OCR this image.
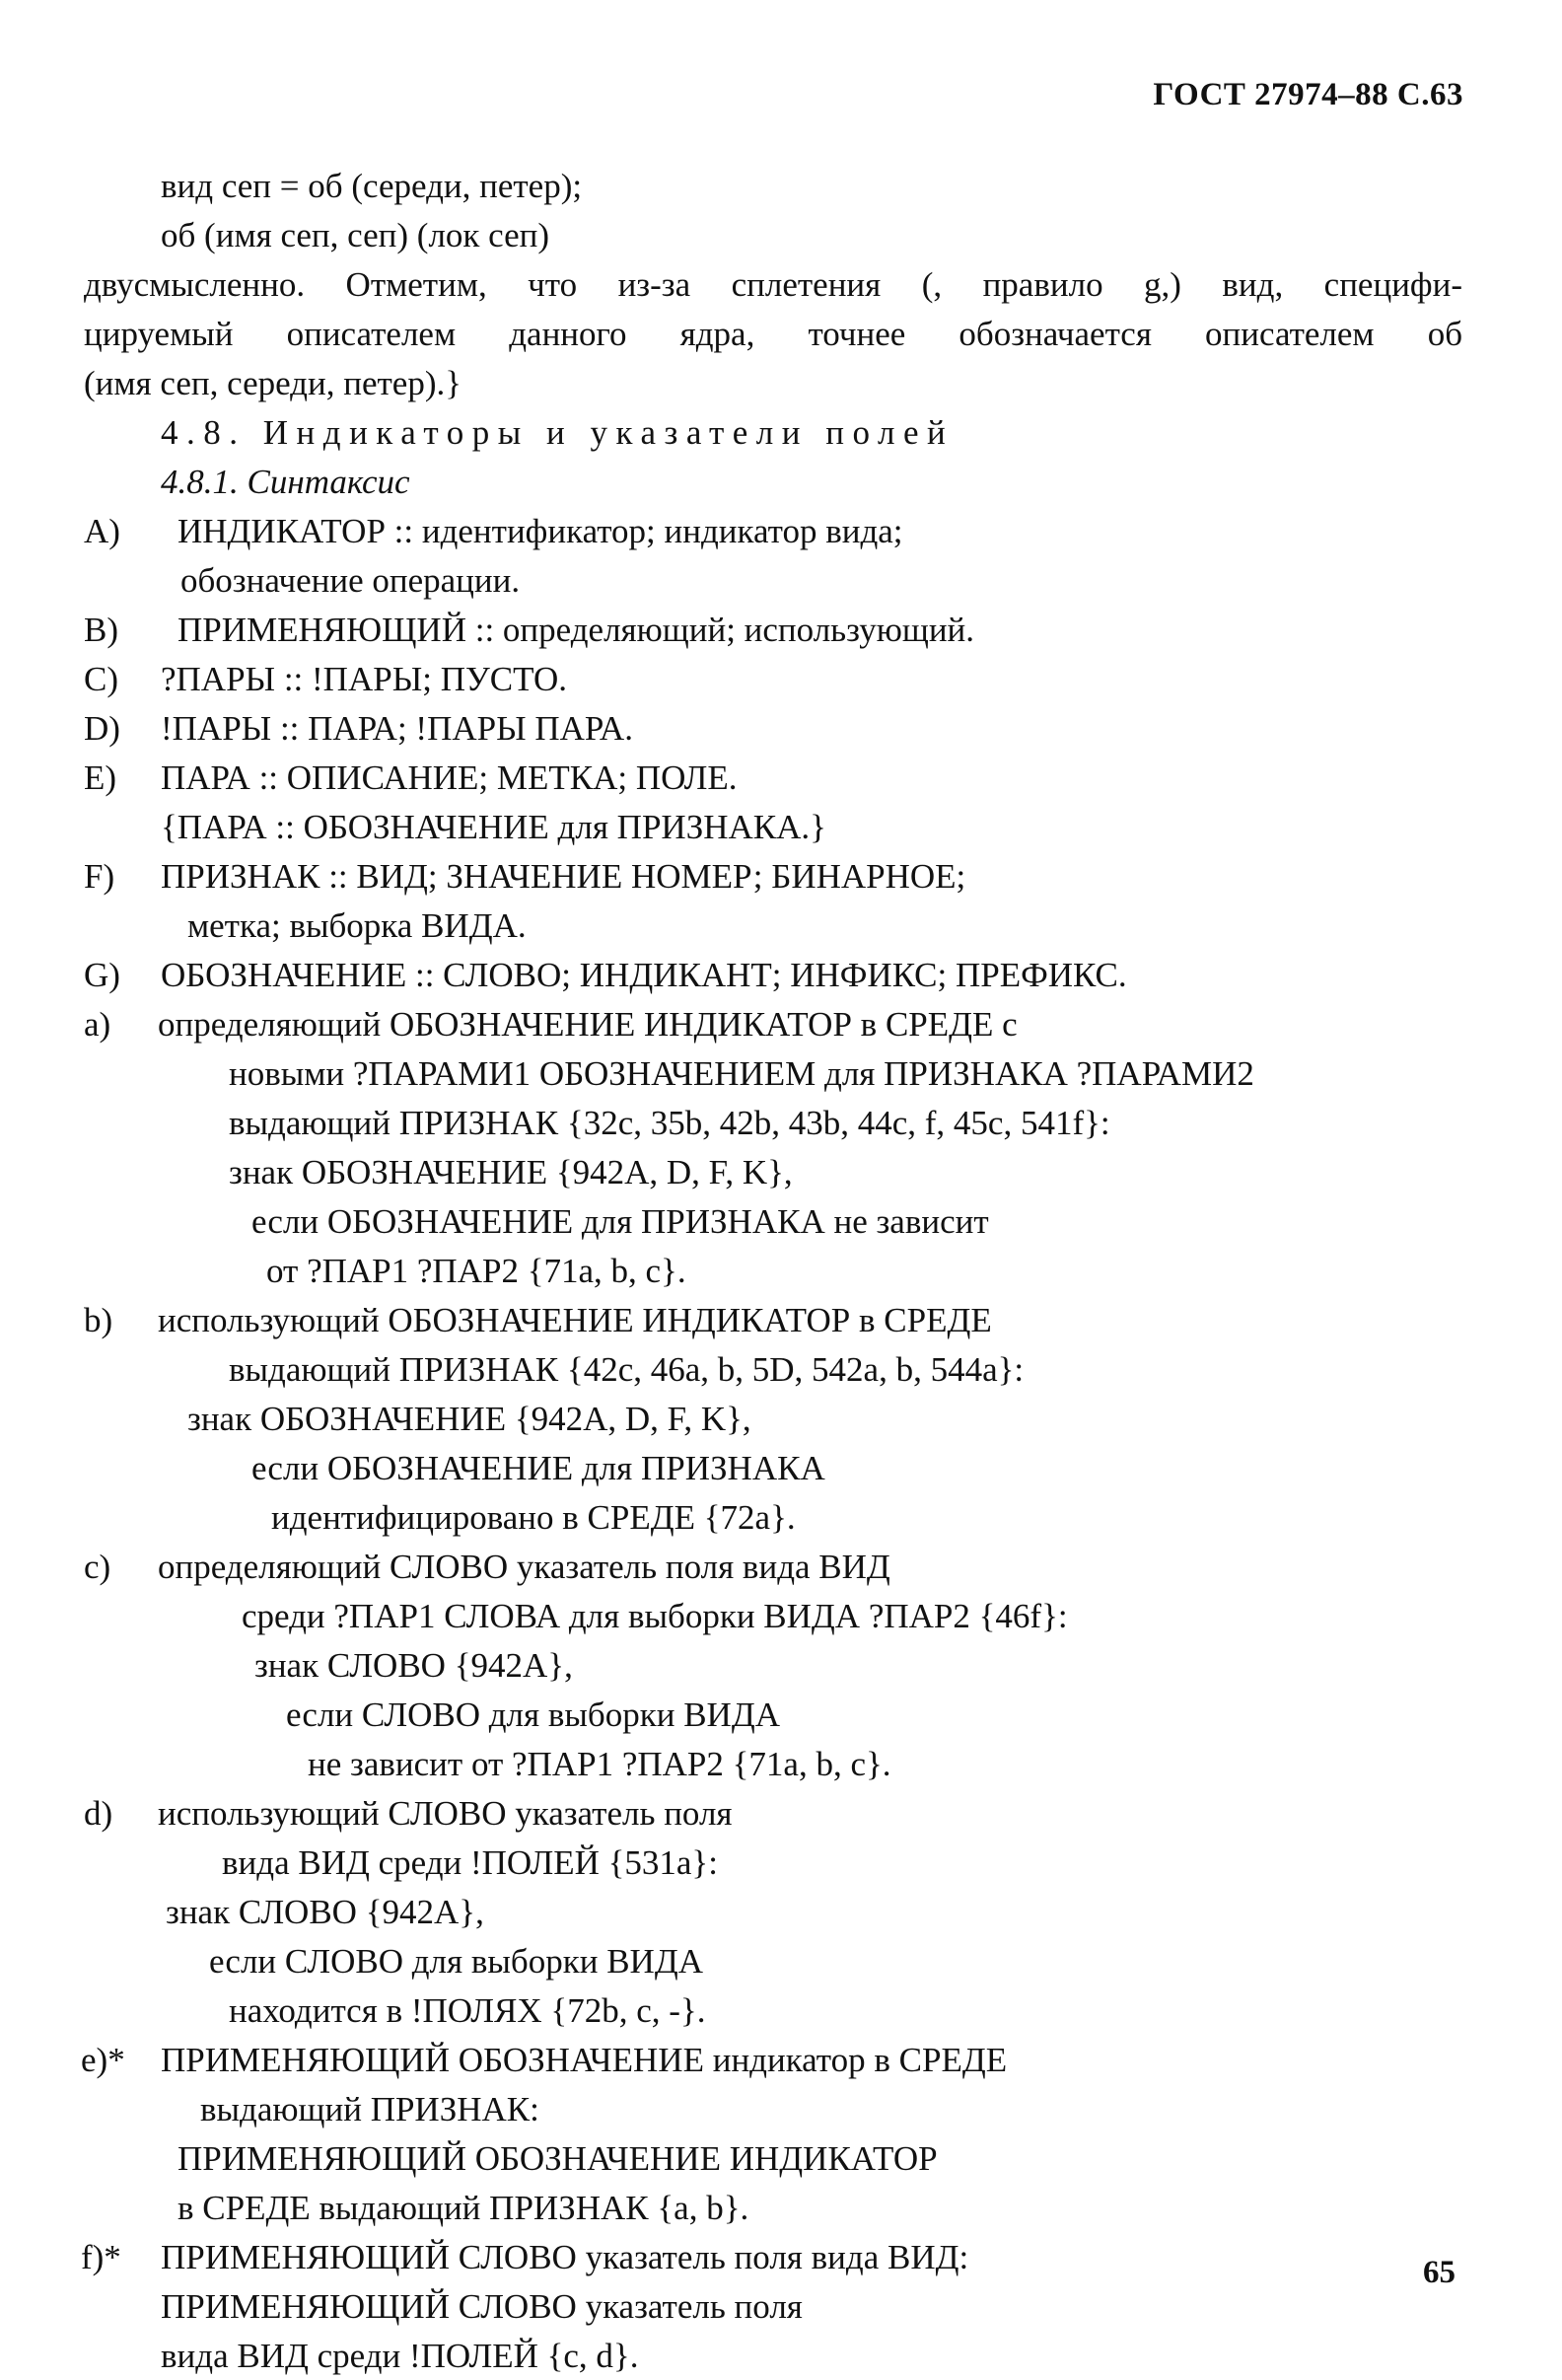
ГОСТ 27974–88 С.63
вид сеп = об (середи, петер);
об (имя сеп, сеп) (лок сеп)
двусмысленно. Отметим, что из-за сплетения (, правило g,) вид, специфи-
цируемый описателем данного ядра, точнее обозначается описателем об
(имя сеп, середи, петер).}
4.8. Индикаторы и указатели полей
4.8.1. Синтаксис
A) ИНДИКАТОР :: идентификатор; индикатор вида;
обозначение операции.
B) ПРИМЕНЯЮЩИЙ :: определяющий; использующий.
C) ?ПАРЫ :: !ПАРЫ; ПУСТО.
D) !ПАРЫ :: ПАРА; !ПАРЫ ПАРА.
E) ПАРА :: ОПИСАНИЕ; МЕТКА; ПОЛЕ.
{ПАРА :: ОБОЗНАЧЕНИЕ для ПРИЗНАКА.}
F) ПРИЗНАК :: ВИД; ЗНАЧЕНИЕ НОМЕР; БИНАРНОЕ;
метка; выборка ВИДА.
G) ОБОЗНАЧЕНИЕ :: СЛОВО; ИНДИКАНТ; ИНФИКС; ПРЕФИКС.
a) определяющий ОБОЗНАЧЕНИЕ ИНДИКАТОР в СРЕДЕ с
новыми ?ПАРАМИ1 ОБОЗНАЧЕНИЕМ для ПРИЗНАКА ?ПАРАМИ2
выдающий ПРИЗНАК {32c, 35b, 42b, 43b, 44c, f, 45c, 541f}:
знак ОБОЗНАЧЕНИЕ {942A, D, F, K},
если ОБОЗНАЧЕНИЕ для ПРИЗНАКА не зависит
от ?ПАР1 ?ПАР2 {71a, b, c}.
b) использующий ОБОЗНАЧЕНИЕ ИНДИКАТОР в СРЕДЕ
выдающий ПРИЗНАК {42c, 46a, b, 5D, 542a, b, 544a}:
знак ОБОЗНАЧЕНИЕ {942A, D, F, K},
если ОБОЗНАЧЕНИЕ для ПРИЗНАКА
идентифицировано в СРЕДЕ {72a}.
c) определяющий СЛОВО указатель поля вида ВИД
среди ?ПАР1 СЛОВА для выборки ВИДА ?ПАР2 {46f}:
знак СЛОВО {942A},
если СЛОВО для выборки ВИДА
не зависит от ?ПАР1 ?ПАР2 {71a, b, c}.
d) использующий СЛОВО указатель поля
вида ВИД среди !ПОЛЕЙ {531a}:
знак СЛОВО {942A},
если СЛОВО для выборки ВИДА
находится в !ПОЛЯХ {72b, c, -}.
e)* ПРИМЕНЯЮЩИЙ ОБОЗНАЧЕНИЕ индикатор в СРЕДЕ
выдающий ПРИЗНАК:
ПРИМЕНЯЮЩИЙ ОБОЗНАЧЕНИЕ ИНДИКАТОР
в СРЕДЕ выдающий ПРИЗНАК {a, b}.
f)* ПРИМЕНЯЮЩИЙ СЛОВО указатель поля вида ВИД:
ПРИМЕНЯЮЩИЙ СЛОВО указатель поля
вида ВИД среди !ПОЛЕЙ {c, d}.
65
